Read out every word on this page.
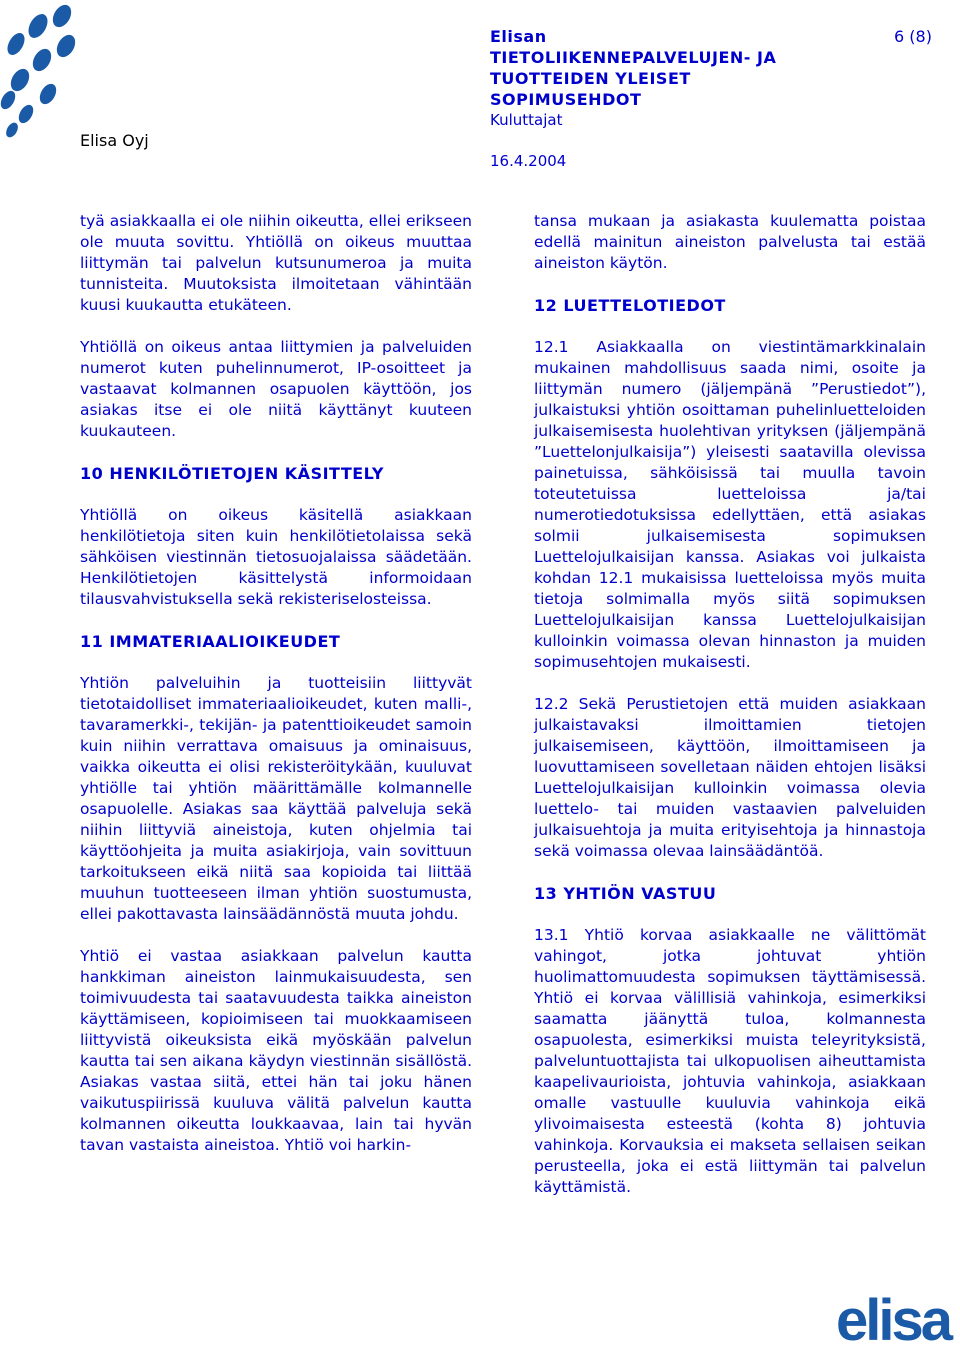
Elisa Oyj
6 (8)
Elisan
TIETOLIIKENNEPALVELUJEN- JA
TUOTTEIDEN YLEISET
SOPIMUSEHDOT
Kuluttajat
16.4.2004

tyä asiakkaalla ei ole niihin oikeutta, ellei erikseen ole muuta sovittu. Yhtiöllä on oikeus muuttaa liittymän tai palvelun kutsunumeroa ja muita tunnisteita. Muutoksista ilmoitetaan vähintään kuusi kuukautta etukäteen.

Yhtiöllä on oikeus antaa liittymien ja palveluiden numerot kuten puhelinnumerot, IP-osoitteet ja vastaavat kolmannen osapuolen käyttöön, jos asiakas itse ei ole niitä käyttänyt kuuteen kuukauteen.

10 HENKILÖTIETOJEN KÄSITTELY

Yhtiöllä on oikeus käsitellä asiakkaan henkilötietoja siten kuin henkilötietolaissa sekä sähköisen viestinnän tietosuojalaissa säädetään. Henkilötietojen käsittelystä informoidaan tilausvahvistuksella sekä rekisteriselosteissa.

11 IMMATERIAALIOIKEUDET

Yhtiön palveluihin ja tuotteisiin liittyvät tietotaidolliset immateriaalioikeudet, kuten malli-, tavaramerkki-, tekijän- ja patenttioikeudet samoin kuin niihin verrattava omaisuus ja ominaisuus, vaikka oikeutta ei olisi rekisteröitykään, kuuluvat yhtiölle tai yhtiön määrittämälle kolmannelle osapuolelle. Asiakas saa käyttää palveluja sekä niihin liittyviä aineistoja, kuten ohjelmia tai käyttöohjeita ja muita asiakirjoja, vain sovittuun tarkoitukseen eikä niitä saa kopioida tai liittää muuhun tuotteeseen ilman yhtiön suostumusta, ellei pakottavasta lainsäädännöstä muuta johdu.

Yhtiö ei vastaa asiakkaan palvelun kautta hankkiman aineiston lainmukaisuudesta, sen toimivuudesta tai saatavuudesta taikka aineiston käyttämiseen, kopioimiseen tai muokkaamiseen liittyvistä oikeuksista eikä myöskään palvelun kautta tai sen aikana käydyn viestinnän sisällöstä. Asiakas vastaa siitä, ettei hän tai joku hänen vaikutuspiirissä kuuluva välitä palvelun kautta kolmannen oikeutta loukkaavaa, lain tai hyvän tavan vastaista aineistoa. Yhtiö voi harkin-

tansa mukaan ja asiakasta kuulematta poistaa edellä mainitun aineiston palvelusta tai estää aineiston käytön.

12 LUETTELOTIEDOT

12.1 Asiakkaalla on viestintämarkkinalain mukainen mahdollisuus saada nimi, osoite ja liittymän numero (jäljempänä ”Perustiedot”), julkaistuksi yhtiön osoittaman puhelinluetteloiden julkaisemisesta huolehtivan yrityksen (jäljempänä ”Luettelonjulkaisija”) yleisesti saatavilla olevissa painetuissa, sähköisissä tai muulla tavoin toteutetuissa luetteloissa ja/tai numerotiedotuksissa edellyttäen, että asiakas solmii julkaisemisesta sopimuksen Luettelojulkaisijan kanssa. Asiakas voi julkaista kohdan 12.1 mukaisissa luetteloissa myös muita tietoja solmimalla myös siitä sopimuksen Luettelojulkaisijan kanssa Luettelojulkaisijan kulloinkin voimassa olevan hinnaston ja muiden sopimusehtojen mukaisesti.

12.2 Sekä Perustietojen että muiden asiakkaan julkaistavaksi ilmoittamien tietojen julkaisemiseen, käyttöön, ilmoittamiseen ja luovuttamiseen sovelletaan näiden ehtojen lisäksi Luettelojulkaisijan kulloinkin voimassa olevia luettelo- tai muiden vastaavien palveluiden julkaisuehtoja ja muita erityisehtoja ja hinnastoja sekä voimassa olevaa lainsäädäntöä.

13 YHTIÖN VASTUU

13.1 Yhtiö korvaa asiakkaalle ne välittömät vahingot, jotka johtuvat yhtiön huolimattomuudesta sopimuksen täyttämisessä. Yhtiö ei korvaa välillisiä vahinkoja, esimerkiksi saamatta jäänyttä tuloa, kolmannesta osapuolesta, esimerkiksi muista teleyrityksistä, palveluntuottajista tai ulkopuolisen aiheuttamista kaapelivaurioista, johtuvia vahinkoja, asiakkaan omalle vastuulle kuuluvia vahinkoja eikä ylivoimaisesta esteestä (kohta 8) johtuvia vahinkoja. Korvauksia ei makseta sellaisen seikan perusteella, joka ei estä liittymän tai palvelun käyttämistä.

elisa
